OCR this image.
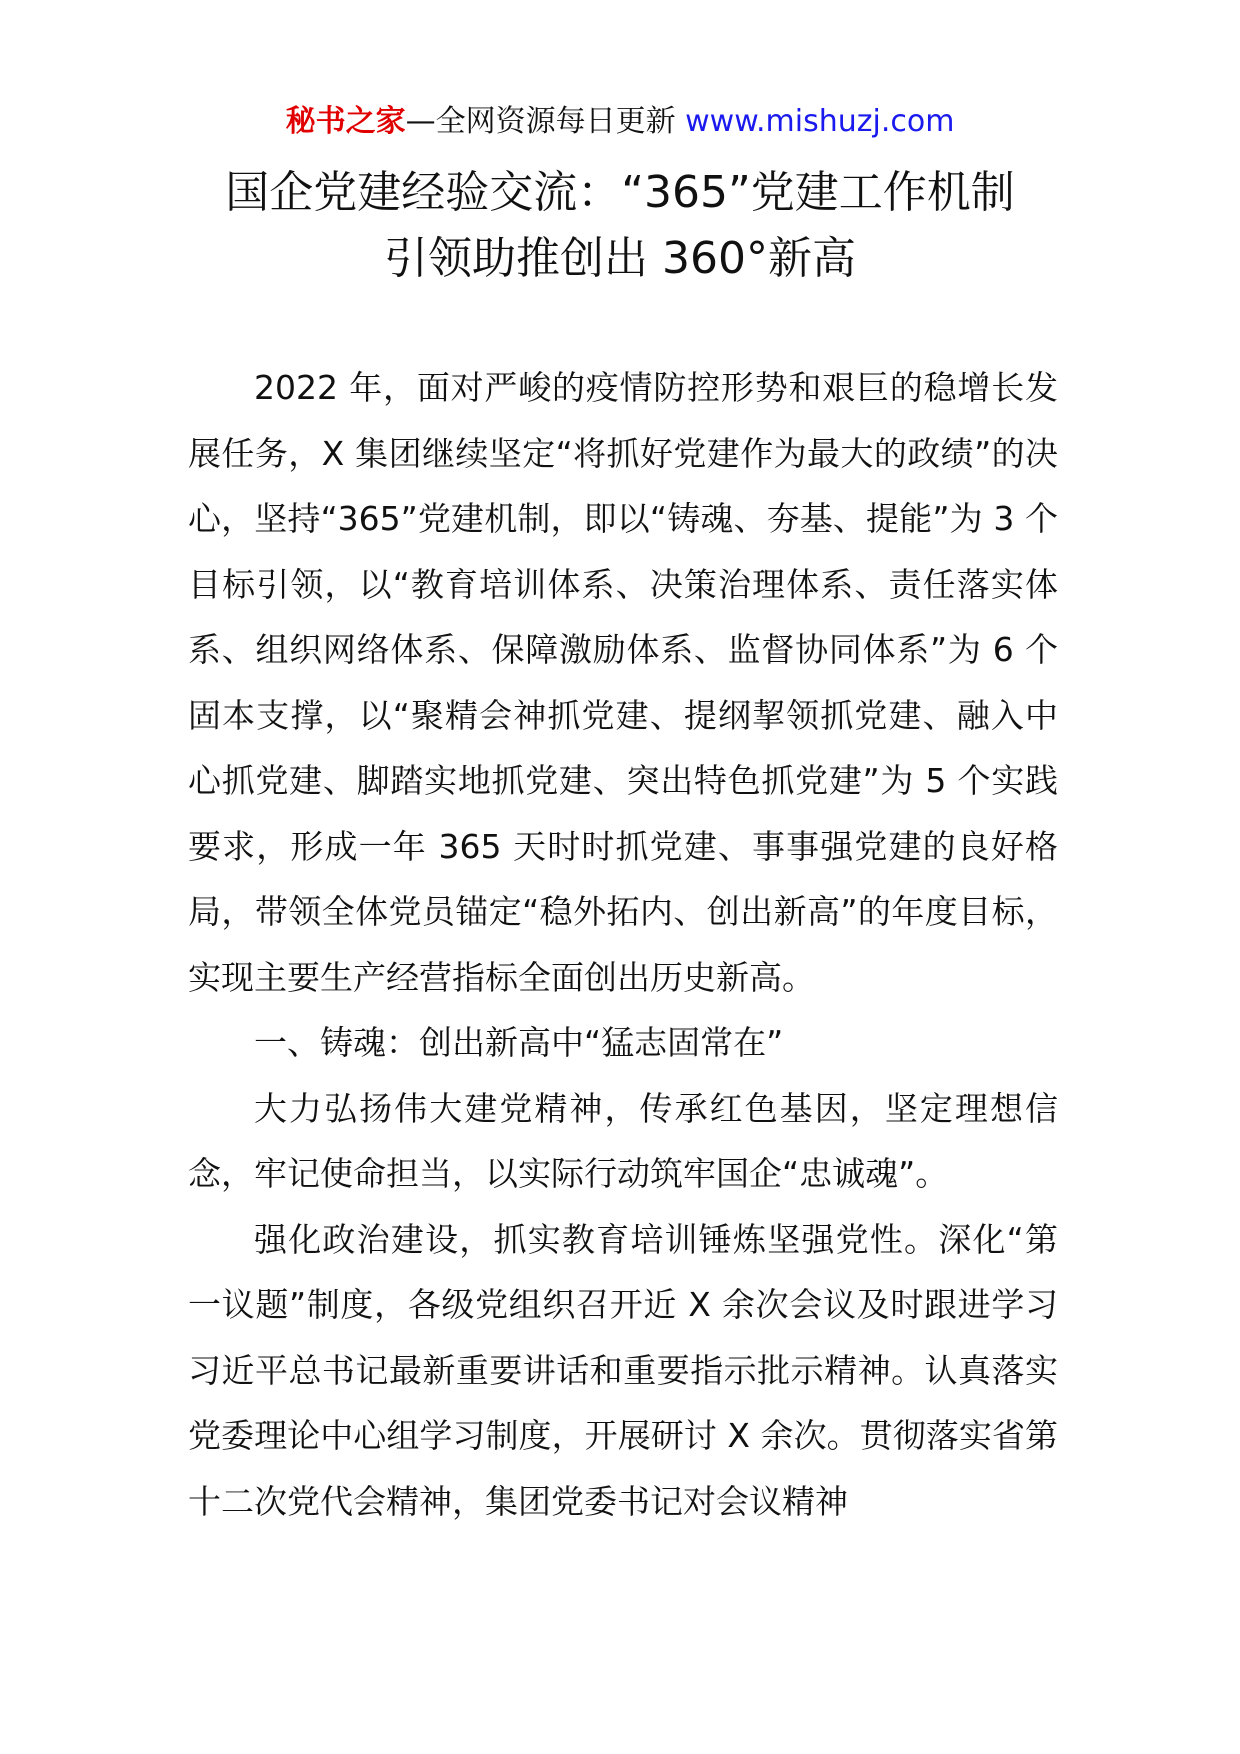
秘书之家—全网资源每日更新 www.mishuzj.com
国企党建经验交流：“365”党建工作机制
引领助推创出 360°新高

2022 年，面对严峻的疫情防控形势和艰巨的稳增长发展任务，X 集团继续坚定“将抓好党建作为最大的政绩”的决心，坚持“365”党建机制，即以“铸魂、夯基、提能”为 3 个目标引领，以“教育培训体系、决策治理体系、责任落实体系、组织网络体系、保障激励体系、监督协同体系”为 6 个固本支撑，以“聚精会神抓党建、提纲挈领抓党建、融入中心抓党建、脚踏实地抓党建、突出特色抓党建”为 5 个实践要求，形成一年 365 天时时抓党建、事事强党建的良好格局，带领全体党员锚定“稳外拓内、创出新高”的年度目标，实现主要生产经营指标全面创出历史新高。

一、铸魂：创出新高中“猛志固常在”

大力弘扬伟大建党精神，传承红色基因，坚定理想信念，牢记使命担当，以实际行动筑牢国企“忠诚魂”。

强化政治建设，抓实教育培训锤炼坚强党性。深化“第一议题”制度，各级党组织召开近 X 余次会议及时跟进学习习近平总书记最新重要讲话和重要指示批示精神。认真落实党委理论中心组学习制度，开展研讨 X 余次。贯彻落实省第十二次党代会精神，集团党委书记对会议精神
